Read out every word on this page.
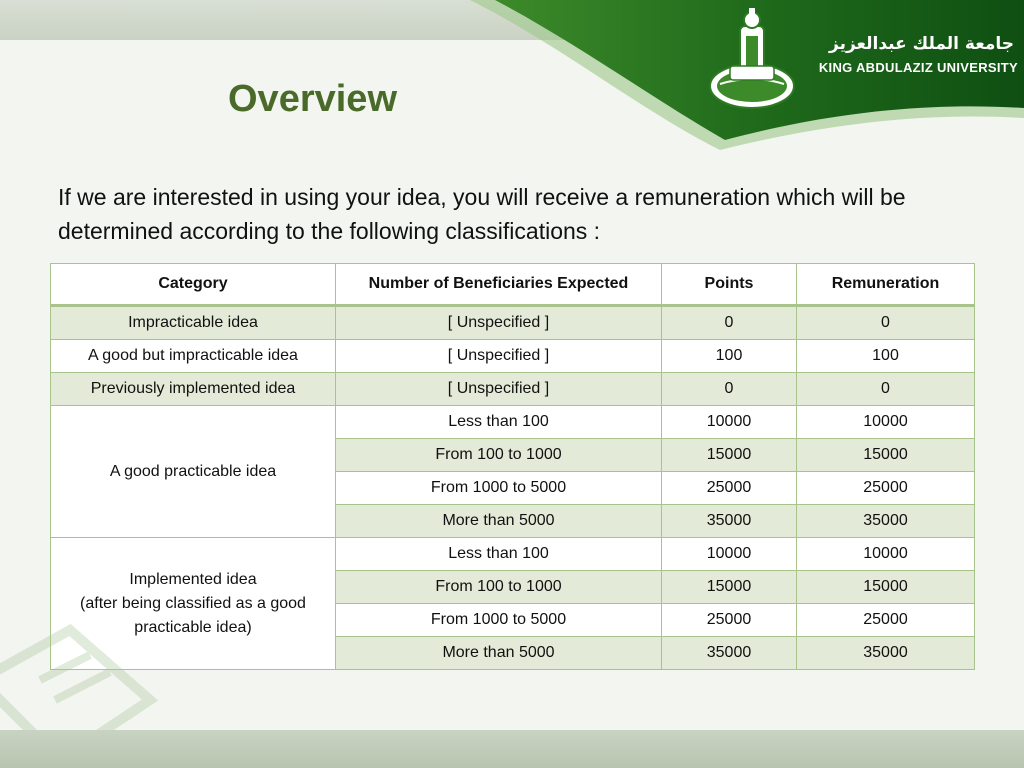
جامعة الملك عبدالعزيز
KING ABDULAZIZ UNIVERSITY
Overview
If we are interested in using your idea, you will receive a remuneration which will be determined according to the following classifications :
Category	Number of Beneficiaries Expected	Points	Remuneration
Impracticable idea	[ Unspecified ]	0	0
A good but impracticable idea	[ Unspecified ]	100	100
Previously implemented idea	[ Unspecified ]	0	0
A good practicable idea	Less than 100	10000	10000
	From 100 to 1000	15000	15000
	From 1000 to 5000	25000	25000
	More than 5000	35000	35000
Implemented idea
(after being classified as a good
practicable idea)	Less than 100	10000	10000
	From 100 to 1000	15000	15000
	From 1000 to 5000	25000	25000
	More than 5000	35000	35000
